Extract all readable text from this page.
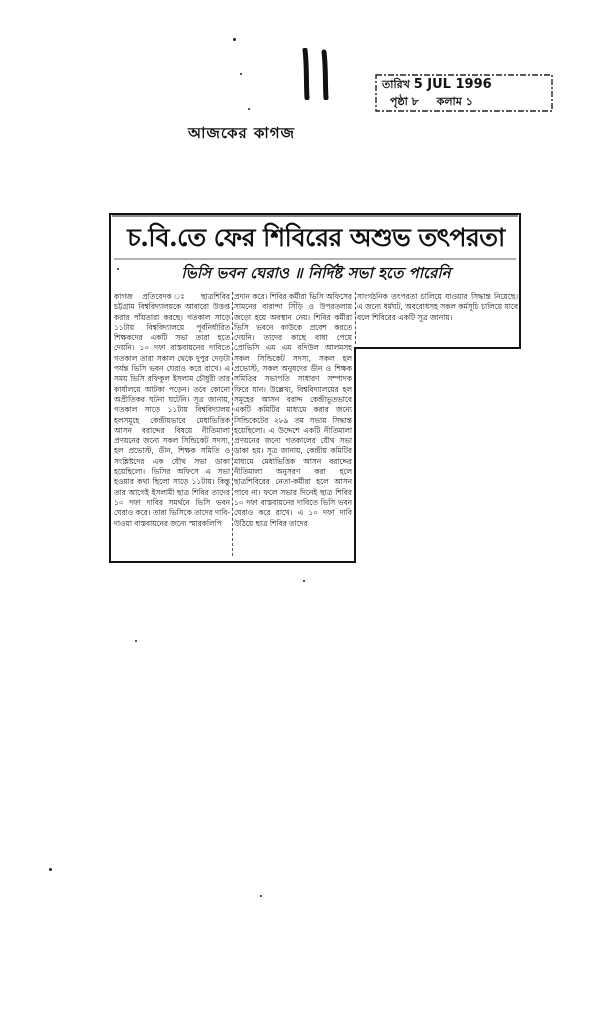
তারিখ 5 JUL 1996
পৃষ্ঠা ৮ কলাম ১
আজকের কাগজ
চ.বি.তে ফের শিবিরের অশুভ তৎপরতা
ভিসি ভবন ঘেরাও ॥ নির্দিষ্ট সভা হতে পারেনি
কাগজ প্রতিবেদক ঃ ছাত্রশিবির চট্টগ্রাম বিশ্ববিদ্যালয়কে আবারো উত্তপ্ত করার পাঁয়তারা করছে। গতকাল সাড়ে ১১টায় বিশ্ববিদ্যালয়ে পূর্বনির্ধারিত শিক্ষকদের একটি সভা তারা হতে দেয়নি। ১০ দফা বাস্তবায়নের দাবিতে গতকাল তারা সকাল থেকে দুপুর দেড়টা পর্যন্ত ভিসি ভবন ঘেরাও করে রাখে। এ সময় ভিসি রফিকুল ইসলাম চৌধুরী তার কার্যালয়ে আটকা পড়েন। তবে কোনো অপ্রীতিকর ঘটনা ঘটেনি। সূত্র জানায়, গতকাল সাড়ে ১১টায় বিশ্ববিদ্যালয় হলসমূহে কেন্দ্রীয়ভাবে মেধাভিত্তিক আসন বরাদ্দের বিষয়ে নীতিমালা প্রণয়নের জন্যে সকল সিন্ডিকেট সদস্য, হল প্রভোস্ট, ডীন, শিক্ষক সমিতি ও সংশ্লিষ্টদের এক যৌথ সভা ডাকা হয়েছিলো। ভিসির অফিসে এ সভা হওয়ার কথা ছিলো সাড়ে ১১টায়। কিন্তু তার আগেই ইসলামী ছাত্র শিবির তাদের ১০ দফা দাবির সমর্থনে ভিসি ভবন ঘেরাও করে। তারা ভিসিকে তাদের দাবি-দাওয়া বাস্তবায়নের জন্যে স্মারকলিপি
প্রদান করে। শিবির কর্মীরা ভিসি অফিসের সামনের বারান্দা সিঁড়ি ও উপরতলায় জড়ো হয়ে অবস্থান নেয়। শিবির কর্মীরা ভিসি ভবনে কাউকে প্রবেশ করতে দেয়নি। তাদের কাছে বাধা পেয়ে প্রোভিসি এম এম বদিউল আলমসহ সকল সিন্ডিকেট সদস্য, সকল হল প্রভোস্ট, সকল অনুষদের ডীন ও শিক্ষক সমিতির সভাপতি সাধারণ সম্পাদক ফিরে যান। উল্লেখ্য, বিশ্ববিদ্যালয়ের হল সমূহের আসন বরাদ্দ কেন্দ্রীভূতভাবে একটি কমিটির মাধ্যমে করার জন্যে সিন্ডিকেটের ২৮৯ তম সভায় সিদ্ধান্ত হয়েছিলো। এ উদ্দেশে একটি নীতিমালা প্রণয়নের জন্যে গতকালের যৌথ সভা ডাকা হয়। সূত্র জানায়, কেন্দ্রীয় কমিটির মাধ্যমে মেধাভিত্তিক আসন বরাদ্দের নীতিমালা অনুসরণ করা হলে ছাত্রশিবিরের নেতা-কর্মীরা হলে আসন পাবে না। ফলে সভার দিনেই ছাত্র শিবির ১০ দফা বাস্তবায়নের দাবিতে ভিসি ভবন ঘেরাও করে রাখে। এ ১০ দফা দাবি উঠিয়ে ছাত্র শিবির তাদের
সাংগঠনিক তৎপরতা চালিয়ে যাওয়ার সিদ্ধান্ত নিয়েছে। এ জন্যে ধর্মঘট, অবরোধসহ সকল কর্মসূচি চালিয়ে যাবে বলে শিবিরের একটি সূত্র জানায়।
